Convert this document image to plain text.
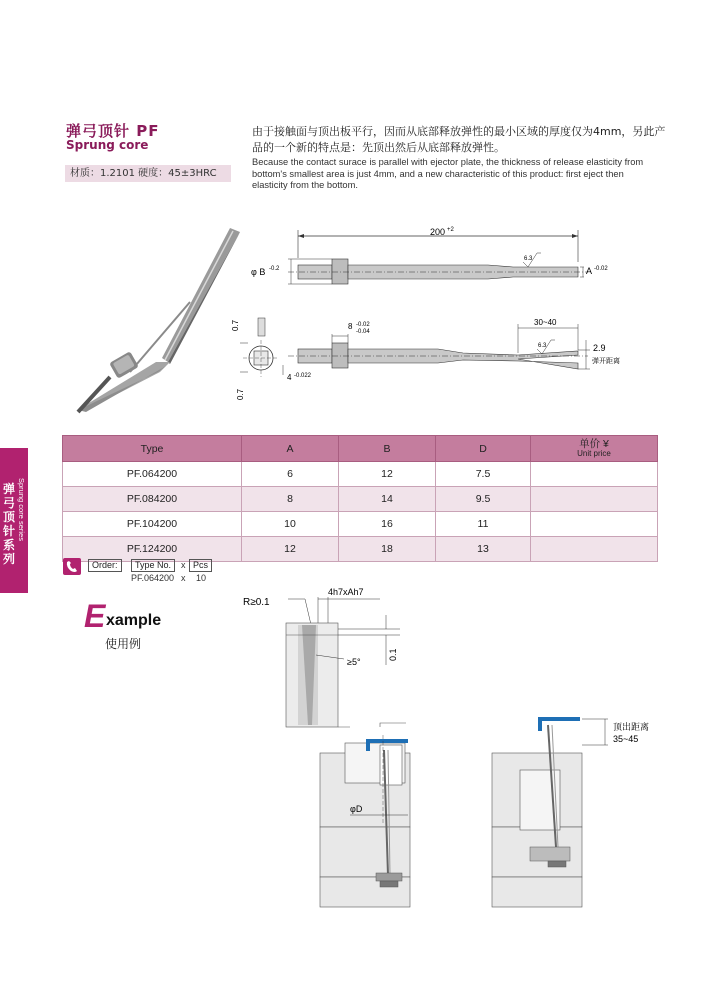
弹弓顶针 PF
Sprung core
材质：1.2101 硬度：45±3HRC
由于接触面与顶出板平行，因而从底部释放弹性的最小区域的厚度仅为4mm，另此产品的一个新的特点是：先顶出然后从底部释放弹性。
Because the contact surace is parallel with ejector plate, the thickness of release elasticity from bottom's smallest area is just 4mm, and a new characteristic of this product: first eject then elasticity from the bottom.
弹弓顶针系列
Sprung core series
200 +2
φ B -0.2	A -0.02
6.3
0.7
0.7
4 -0.022
8 -0.02
-0.04
30~40
6.3	2.9
弹开距离
Type	A	B	D	单价 ¥
Unit price

PF.064200	6	12	7.5	
PF.084200	8	14	9.5	
PF.104200	10	16	11	
PF.124200	12	18	13	
Order:	Type No.	x Pcs
PF.064200 x 10
E xample
使用例
R≥0.1
4h7xAh7
0.1
≥5°
φD
顶出距离
35~45
